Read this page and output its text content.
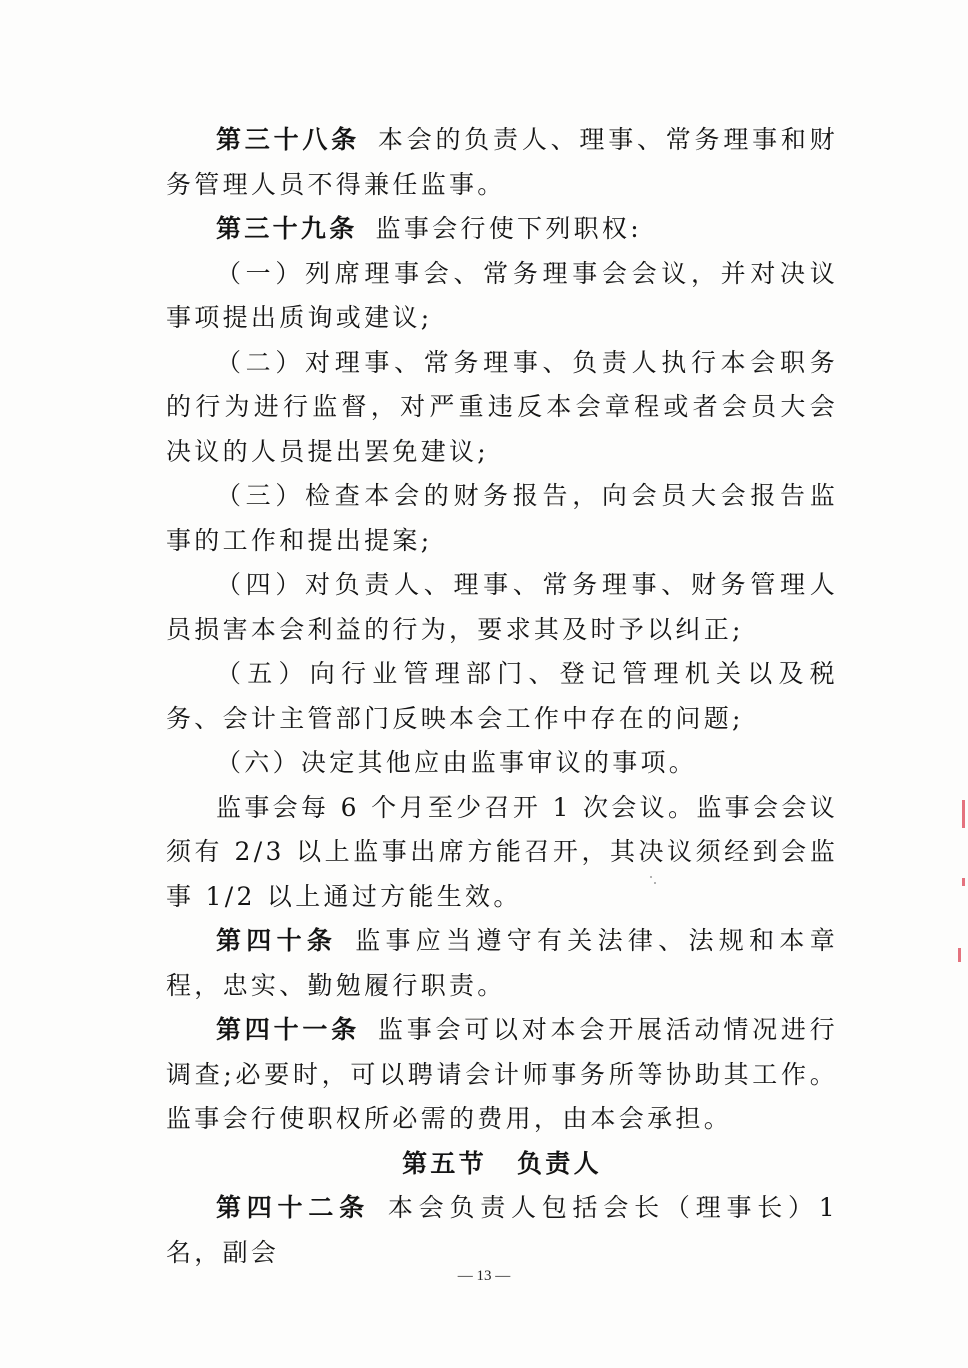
第三十八条 本会的负责人、理事、常务理事和财务管理人员不得兼任监事。

第三十九条 监事会行使下列职权:

（一）列席理事会、常务理事会会议，并对决议事项提出质询或建议;

（二）对理事、常务理事、负责人执行本会职务的行为进行监督，对严重违反本会章程或者会员大会决议的人员提出罢免建议;

（三）检查本会的财务报告，向会员大会报告监事的工作和提出提案;

（四）对负责人、理事、常务理事、财务管理人员损害本会利益的行为，要求其及时予以纠正;

（五）向行业管理部门、登记管理机关以及税务、会计主管部门反映本会工作中存在的问题;

（六）决定其他应由监事审议的事项。

监事会每 6 个月至少召开 1 次会议。监事会会议须有 2/3 以上监事出席方能召开，其决议须经到会监事 1/2 以上通过方能生效。

第四十条 监事应当遵守有关法律、法规和本章程，忠实、勤勉履行职责。

第四十一条 监事会可以对本会开展活动情况进行调查;必要时，可以聘请会计师事务所等协助其工作。监事会行使职权所必需的费用，由本会承担。

第五节 负责人

第四十二条 本会负责人包括会长（理事长）1 名，副会

— 13 —
